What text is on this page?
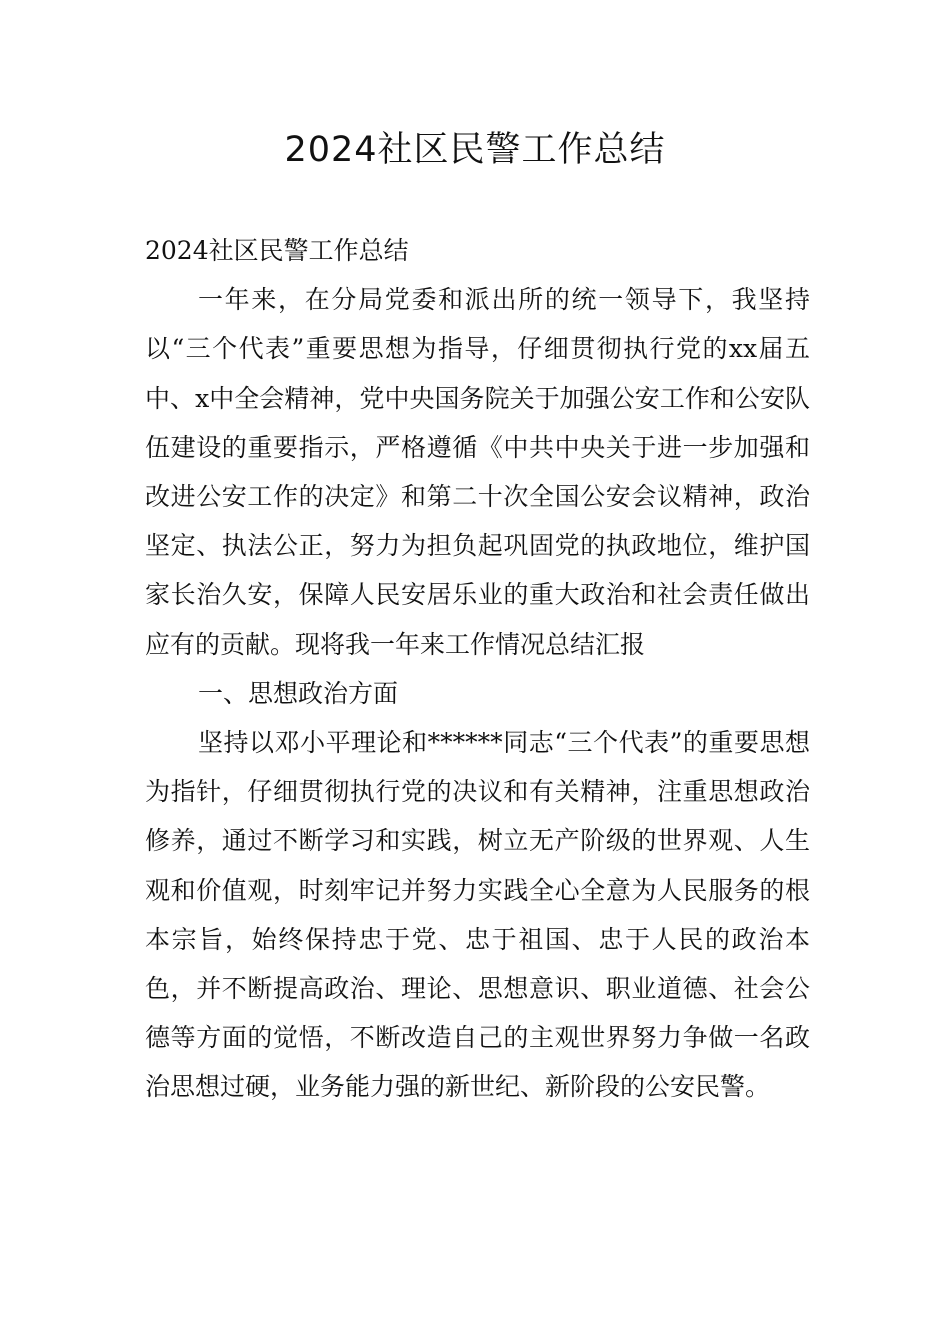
2024社区民警工作总结

2024社区民警工作总结

一年来，在分局党委和派出所的统一领导下，我坚持以“三个代表”重要思想为指导，仔细贯彻执行党的xx届五中、x中全会精神，党中央国务院关于加强公安工作和公安队伍建设的重要指示，严格遵循《中共中央关于进一步加强和改进公安工作的决定》和第二十次全国公安会议精神，政治坚定、执法公正，努力为担负起巩固党的执政地位，维护国家长治久安，保障人民安居乐业的重大政治和社会责任做出应有的贡献。现将我一年来工作情况总结汇报

一、思想政治方面

坚持以邓小平理论和******同志“三个代表”的重要思想为指针，仔细贯彻执行党的决议和有关精神，注重思想政治修养，通过不断学习和实践，树立无产阶级的世界观、人生观和价值观，时刻牢记并努力实践全心全意为人民服务的根本宗旨，始终保持忠于党、忠于祖国、忠于人民的政治本色，并不断提高政治、理论、思想意识、职业道德、社会公德等方面的觉悟，不断改造自己的主观世界努力争做一名政治思想过硬，业务能力强的新世纪、新阶段的公安民警。
